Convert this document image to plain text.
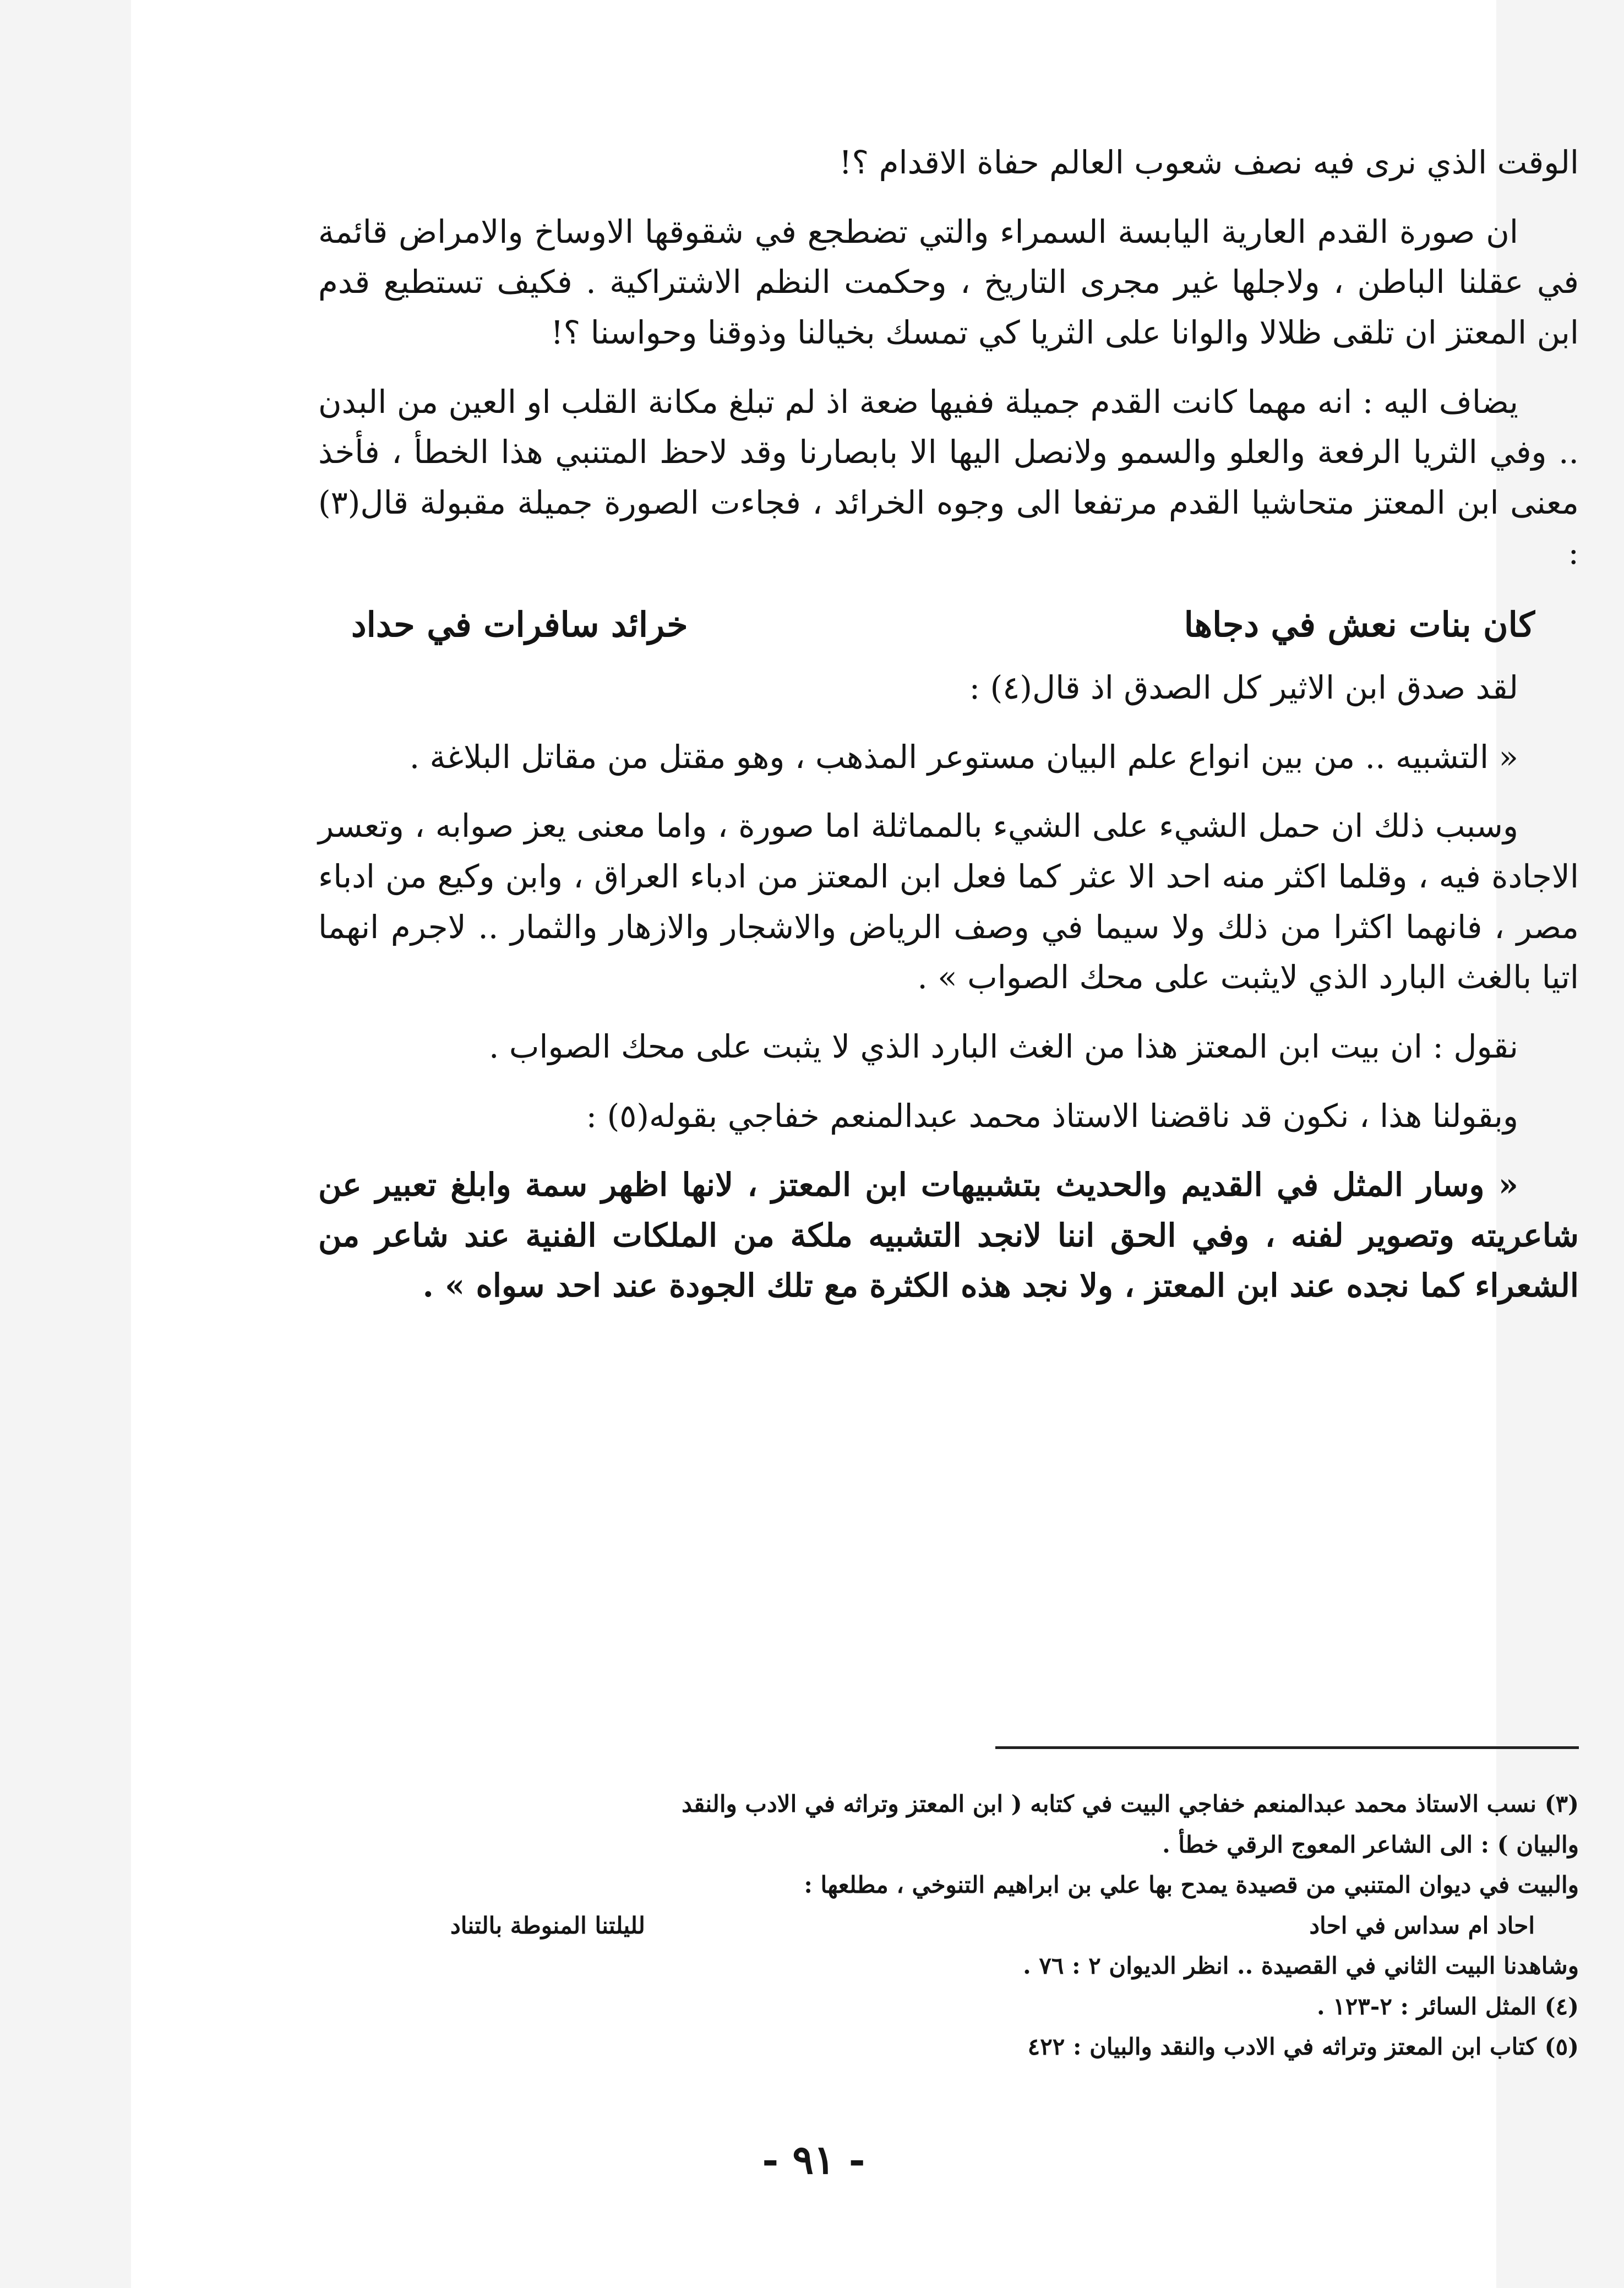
الوقت الذي نرى فيه نصف شعوب العالم حفاة الاقدام ؟!

ان صورة القدم العارية اليابسة السمراء والتي تضطجع في شقوقها الاوساخ والامراض قائمة في عقلنا الباطن ، ولاجلها غير مجرى التاريخ ، وحكمت النظم الاشتراكية . فكيف تستطيع قدم ابن المعتز ان تلقى ظلالا والوانا على الثريا كي تمسك بخيالنا وذوقنا وحواسنا ؟!

يضاف اليه : انه مهما كانت القدم جميلة ففيها ضعة اذ لم تبلغ مكانة القلب او العين من البدن .. وفي الثريا الرفعة والعلو والسمو ولانصل اليها الا بابصارنا وقد لاحظ المتنبي هذا الخطأ ، فأخذ معنى ابن المعتز متحاشيا القدم مرتفعا الى وجوه الخرائد ، فجاءت الصورة جميلة مقبولة قال(٣) :

كان بنات نعش في دجاها
خرائد سافرات في حداد

لقد صدق ابن الاثير كل الصدق اذ قال(٤) :

« التشبيه .. من بين انواع علم البيان مستوعر المذهب ، وهو مقتل من مقاتل البلاغة .

وسبب ذلك ان حمل الشيء على الشيء بالمماثلة اما صورة ، واما معنى يعز صوابه ، وتعسر الاجادة فيه ، وقلما اكثر منه احد الا عثر كما فعل ابن المعتز من ادباء العراق ، وابن وكيع من ادباء مصر ، فانهما اكثرا من ذلك ولا سيما في وصف الرياض والاشجار والازهار والثمار .. لاجرم انهما اتيا بالغث البارد الذي لايثبت على محك الصواب » .

نقول : ان بيت ابن المعتز هذا من الغث البارد الذي لا يثبت على محك الصواب .

وبقولنا هذا ، نكون قد ناقضنا الاستاذ محمد عبدالمنعم خفاجي بقوله(٥) :

« وسار المثل في القديم والحديث بتشبيهات ابن المعتز ، لانها اظهر سمة وابلغ تعبير عن شاعريته وتصوير لفنه ، وفي الحق اننا لانجد التشبيه ملكة من الملكات الفنية عند شاعر من الشعراء كما نجده عند ابن المعتز ، ولا نجد هذه الكثرة مع تلك الجودة عند احد سواه » .

(٣) نسب الاستاذ محمد عبدالمنعم خفاجي البيت في كتابه ( ابن المعتز وتراثه في الادب والنقد

والبيان ) : الى الشاعر المعوج الرقي خطأ .

والبيت في ديوان المتنبي من قصيدة يمدح بها علي بن ابراهيم التنوخي ، مطلعها :

احاد ام سداس في احاد
لليلتنا المنوطة بالتناد

وشاهدنا البيت الثاني في القصيدة .. انظر الديوان ٢ : ٧٦ .

(٤) المثل السائر : ٢-١٢٣ .

(٥) كتاب ابن المعتز وتراثه في الادب والنقد والبيان : ٤٢٢

- ٩١ -
